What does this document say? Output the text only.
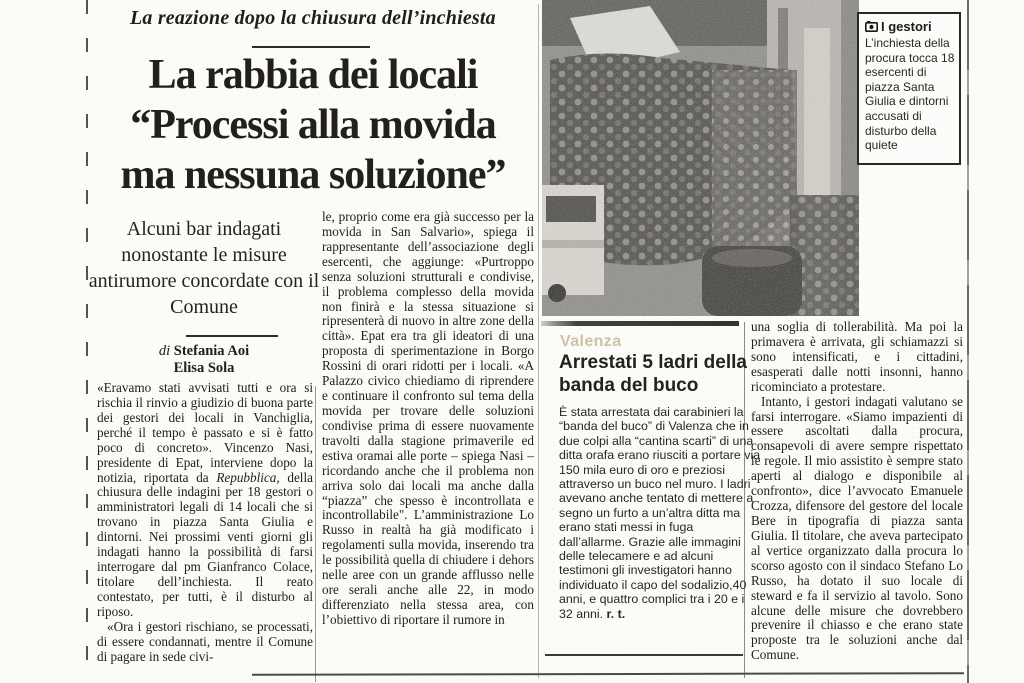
La reazione dopo la chiusura dell’inchiesta
La rabbia dei locali
“Processi alla movida
ma nessuna soluzione”
Alcuni bar indagati nonostante le misure antirumore concordate con il Comune
di Stefania Aoi
Elisa Sola

«Eravamo stati avvisati tutti e ora si rischia il rinvio a giudizio di buona parte dei gestori dei locali in Vanchiglia, perché il tempo è passato e si è fatto poco di concreto». Vincenzo Nasi, presidente di Epat, interviene dopo la notizia, riportata da Repubblica, della chiusura delle indagini per 18 gestori o amministratori legali di 14 locali che si trovano in piazza Santa Giulia e dintorni. Nei prossimi venti giorni gli indagati hanno la possibilità di farsi interrogare dal pm Gianfranco Colace, titolare dell’inchiesta. Il reato contestato, per tutti, è il disturbo al riposo.

«Ora i gestori rischiano, se processati, di essere condannati, mentre il Comune di pagare in sede civi-

le, proprio come era già successo per la movida in San Salvario», spiega il rappresentante dell’associazione degli esercenti, che aggiunge: «Purtroppo senza soluzioni strutturali e condivise, il problema complesso della movida non finirà e la stessa situazione si ripresenterà di nuovo in altre zone della città». Epat era tra gli ideatori di una proposta di sperimentazione in Borgo Rossini di orari ridotti per i locali. «A Palazzo civico chiediamo di riprendere e continuare il confronto sul tema della movida per trovare delle soluzioni condivise prima di essere nuovamente travolti dalla stagione primaverile ed estiva oramai alle porte – spiega Nasi – ricordando anche che il problema non arriva solo dai locali ma anche dalla “piazza” che spesso è incontrollata e incontrollabile". L’amministrazione Lo Russo in realtà ha già modificato i regolamenti sulla movida, inserendo tra le possibilità quella di chiudere i dehors nelle aree con un grande afflusso nelle ore serali anche alle 22, in modo differenziato nella stessa area, con l’obiettivo di riportare il rumore in

una soglia di tollerabilità. Ma poi la primavera è arrivata, gli schiamazzi si sono intensificati, e i cittadini, esasperati dalle notti insonni, hanno ricominciato a protestare.

Intanto, i gestori indagati valutano se farsi interrogare. «Siamo impazienti di essere ascoltati dalla procura, consapevoli di avere sempre rispettato le regole. Il mio assistito è sempre stato aperti al dialogo e disponibile al confronto», dice l’avvocato Emanuele Crozza, difensore del gestore del locale Bere in tipografia di piazza santa Giulia. Il titolare, che aveva partecipato al vertice organizzato dalla procura lo scorso agosto con il sindaco Stefano Lo Russo, ha dotato il suo locale di steward e fa il servizio al tavolo. Sono alcune delle misure che dovrebbero prevenire il chiasso e che erano state proposte tra le soluzioni anche dal Comune.

Valenza
Arrestati 5 ladri della banda del buco

È stata arrestata dai carabinieri la “banda del buco” di Valenza che in due colpi alla “cantina scarti” di una ditta orafa erano riusciti a portare via 150 mila euro di oro e preziosi attraverso un buco nel muro. I ladri avevano anche tentato di mettere a segno un furto a un’altra ditta ma erano stati messi in fuga dall’allarme. Grazie alle immagini delle telecamere e ad alcuni testimoni gli investigatori hanno individuato il capo del sodalizio,40 anni, e quattro complici tra i 20 e i 32 anni. r. t.

I gestori
L’inchiesta della procura tocca 18 esercenti di piazza Santa Giulia e dintorni accusati di disturbo della quiete
